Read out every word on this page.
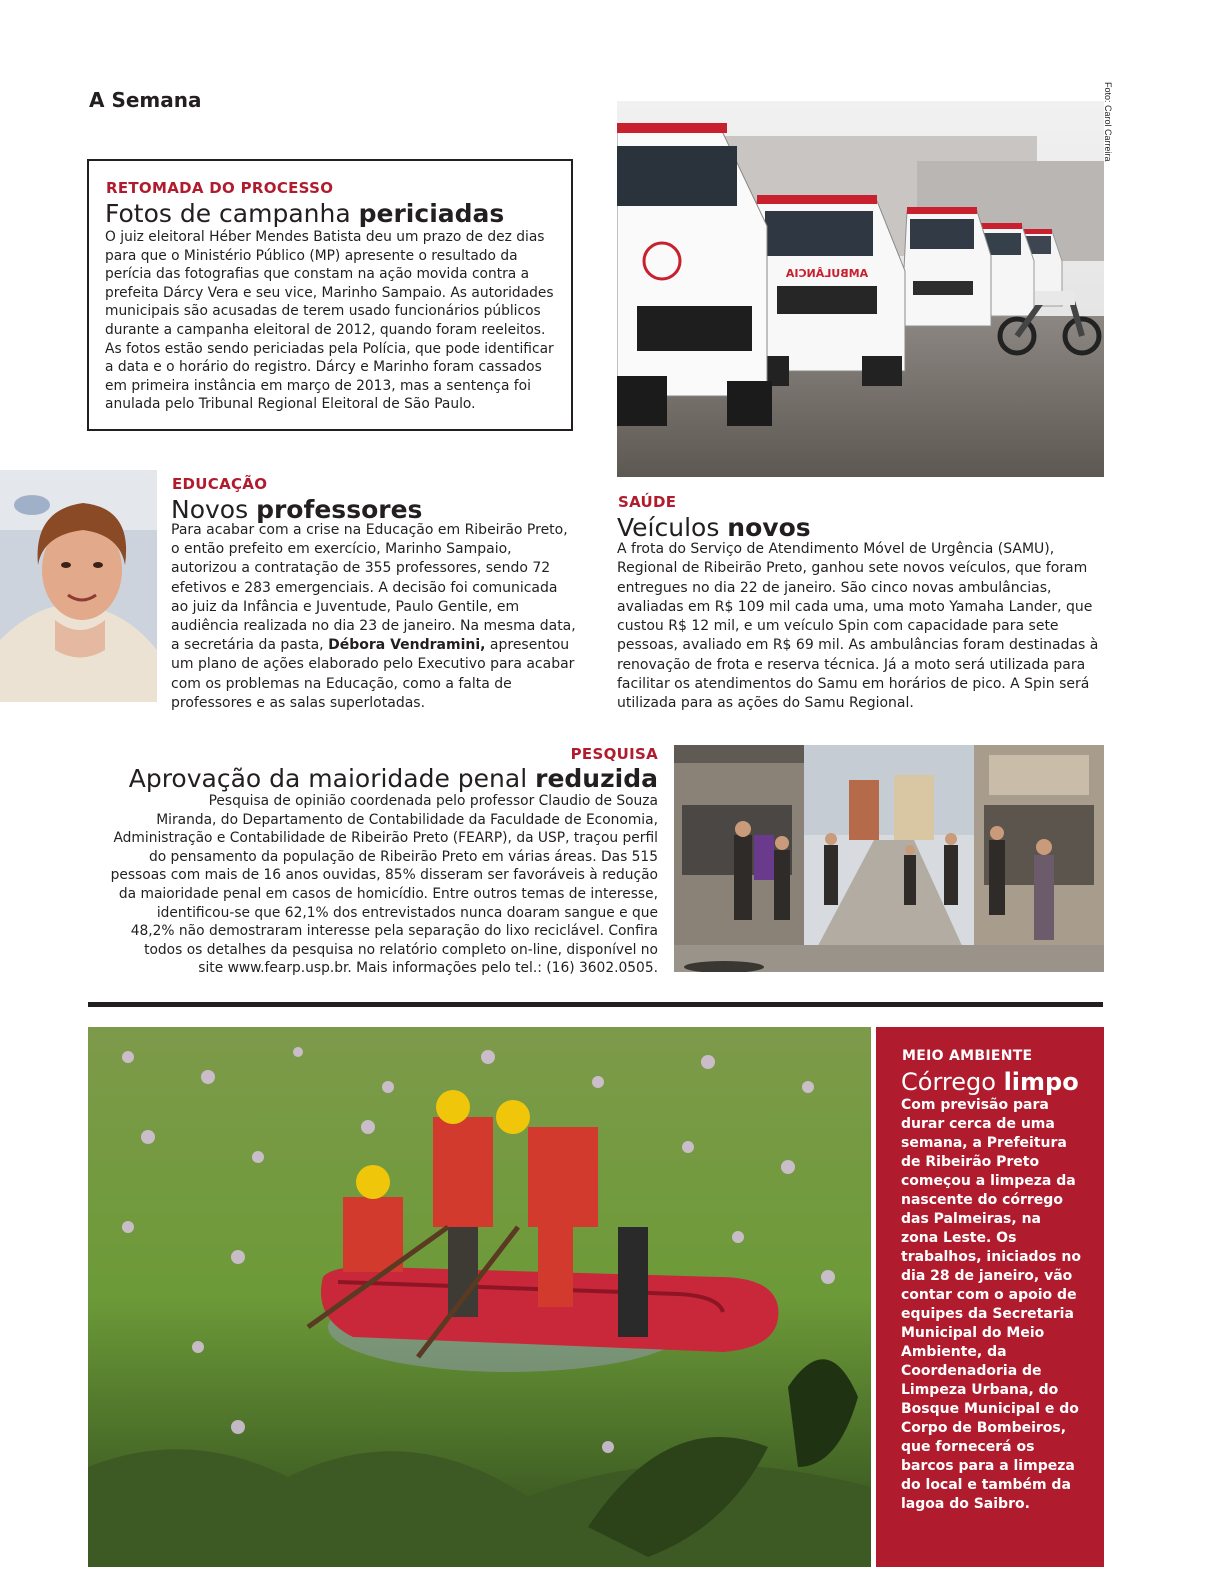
A Semana
RETOMADA DO PROCESSO
Fotos de campanha periciadas
O juiz eleitoral Héber Mendes Batista deu um prazo de dez dias para que o Ministério Público (MP) apresente o resultado da perícia das fotografias que constam na ação movida contra a prefeita Dárcy Vera e seu vice, Marinho Sampaio. As autoridades municipais são acusadas de terem usado funcionários públicos durante a campanha eleitoral de 2012, quando foram reeleitos. As fotos estão sendo periciadas pela Polícia, que pode identificar a data e o horário do registro. Dárcy e Marinho foram cassados em primeira instância em março de 2013, mas a sentença foi anulada pelo Tribunal Regional Eleitoral de São Paulo.
AMBULÂNCIA
Foto: Carol Carreira
EDUCAÇÃO
Novos professores
Para acabar com a crise na Educação em Ribeirão Preto, o então prefeito em exercício, Marinho Sampaio, autorizou a contratação de 355 professores, sendo 72 efetivos e 283 emergenciais. A decisão foi comunicada ao juiz da Infância e Juventude, Paulo Gentile, em audiência realizada no dia 23 de janeiro. Na mesma data, a secretária da pasta, Débora Vendramini, apresentou um plano de ações elaborado pelo Executivo para acabar com os problemas na Educação, como a falta de professores e as salas superlotadas.
SAÚDE
Veículos novos
A frota do Serviço de Atendimento Móvel de Urgência (SAMU), Regional de Ribeirão Preto, ganhou sete novos veículos, que foram entregues no dia 22 de janeiro. São cinco novas ambulâncias, avaliadas em R$ 109 mil cada uma, uma moto Yamaha Lander, que custou R$ 12 mil, e um veículo Spin com capacidade para sete pessoas, avaliado em R$ 69 mil. As ambulâncias foram destinadas à renovação de frota e reserva técnica. Já a moto será utilizada para facilitar os atendimentos do Samu em horários de pico. A Spin será utilizada para as ações do Samu Regional.
PESQUISA
Aprovação da maioridade penal reduzida
Pesquisa de opinião coordenada pelo professor Claudio de Souza
Miranda, do Departamento de Contabilidade da Faculdade de Economia,
Administração e Contabilidade de Ribeirão Preto (FEARP), da USP, traçou perfil
do pensamento da população de Ribeirão Preto em várias áreas. Das 515
pessoas com mais de 16 anos ouvidas, 85% disseram ser favoráveis à redução
da maioridade penal em casos de homicídio. Entre outros temas de interesse,
identificou-se que 62,1% dos entrevistados nunca doaram sangue e que
48,2% não demostraram interesse pela separação do lixo reciclável. Confira
todos os detalhes da pesquisa no relatório completo on-line, disponível no
site www.fearp.usp.br. Mais informações pelo tel.: (16) 3602.0505.
MEIO AMBIENTE
Córrego limpo
Com previsão para durar cerca de uma semana, a Prefeitura de Ribeirão Preto começou a limpeza da nascente do córrego das Palmeiras, na zona Leste. Os trabalhos, iniciados no dia 28 de janeiro, vão contar com o apoio de equipes da Secretaria Municipal do Meio Ambiente, da Coordenadoria de Limpeza Urbana, do Bosque Municipal e do Corpo de Bombeiros, que fornecerá os barcos para a limpeza do local e também da lagoa do Saibro.
